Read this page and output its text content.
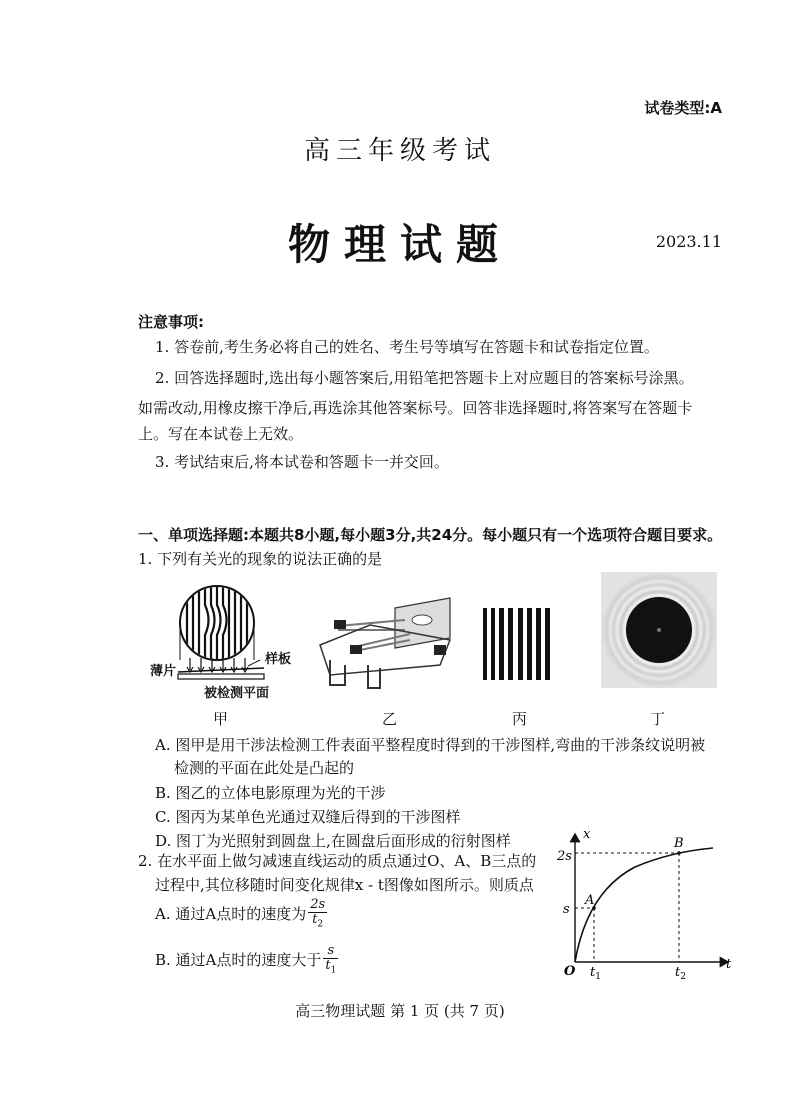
试卷类型:A
高三年级考试
物理试题	2023.11
注意事项:
1. 答卷前,考生务必将自己的姓名、考生号等填写在答题卡和试卷指定位置。
2. 回答选择题时,选出每小题答案后,用铅笔把答题卡上对应题目的答案标号涂黑。
如需改动,用橡皮擦干净后,再选涂其他答案标号。回答非选择题时,将答案写在答题卡
上。写在本试卷上无效。
3. 考试结束后,将本试卷和答题卡一并交回。
一、单项选择题:本题共8小题,每小题3分,共24分。每小题只有一个选项符合题目要求。
1. 下列有关光的现象的说法正确的是
薄片
样板
被检测平面
甲	乙	丙	丁
A. 图甲是用干涉法检测工件表面平整程度时得到的干涉图样,弯曲的干涉条纹说明被
检测的平面在此处是凸起的
B. 图乙的立体电影原理为光的干涉
C. 图丙为某单色光通过双缝后得到的干涉图样
D. 图丁为光照射到圆盘上,在圆盘后面形成的衍射图样
2. 在水平面上做匀减速直线运动的质点通过O、A、B三点的
过程中,其位移随时间变化规律x - t图像如图所示。则质点
A. 通过A点时的速度为 $\frac{2s}{t_2}$
B. 通过A点时的速度大于 $\frac{s}{t_1}$
x
t
O
2s
s
A
B
$t_1$	$t_2$
高三物理试题 第 1 页 (共 7 页)
